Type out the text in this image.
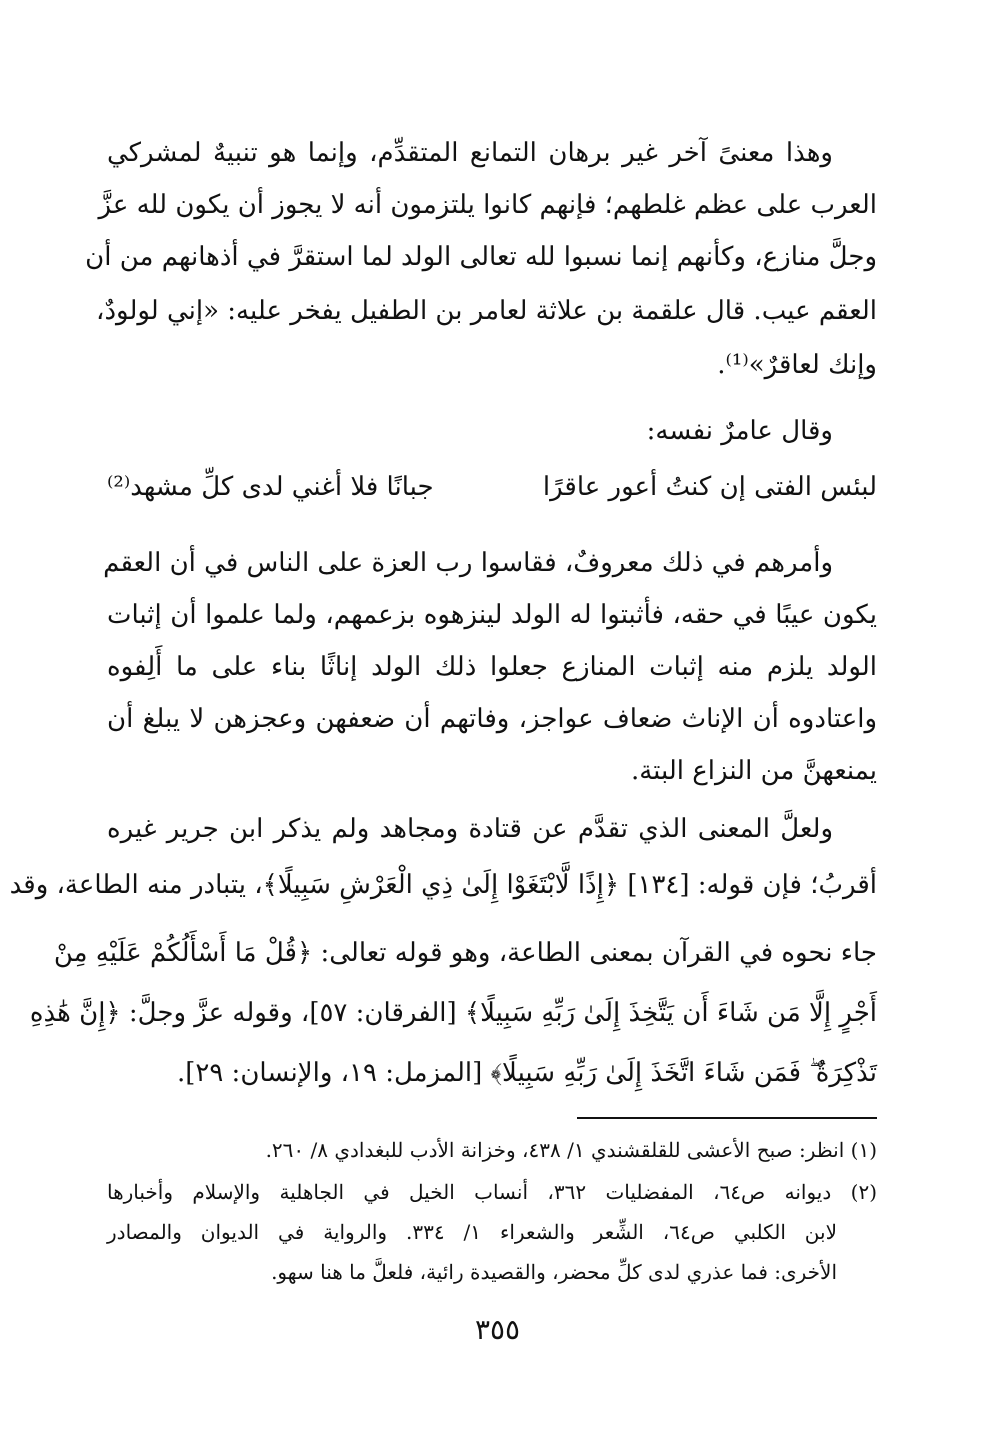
وهذا معنىً آخر غير برهان التمانع المتقدِّم، وإنما هو تنبيهٌ لمشركي
العرب على عظم غلطهم؛ فإنهم كانوا يلتزمون أنه لا يجوز أن يكون لله عزَّ
وجلَّ منازع، وكأنهم إنما نسبوا لله تعالى الولد لما استقرَّ في أذهانهم من أن
العقم عيب. قال علقمة بن علاثة لعامر بن الطفيل يفخر عليه: «إني لولودٌ،
وإنك لعاقرٌ»⁽¹⁾.
وقال عامرٌ نفسه:
لبئس الفتى إن كنتُ أعور عاقرًا
جبانًا فلا أغني لدى كلِّ مشهد⁽²⁾
وأمرهم في ذلك معروفٌ، فقاسوا رب العزة على الناس في أن العقم
يكون عيبًا في حقه، فأثبتوا له الولد لينزهوه بزعمهم، ولما علموا أن إثبات
الولد يلزم منه إثبات المنازع جعلوا ذلك الولد إناثًا بناء على ما أَلِفوه
واعتادوه أن الإناث ضعاف عواجز، وفاتهم أن ضعفهن وعجزهن لا يبلغ أن
يمنعهنَّ من النزاع البتة.
ولعلَّ المعنى الذي تقدَّم عن قتادة ومجاهد ولم يذكر ابن جرير غيره
أقربُ؛ فإن قوله: [١٣٤] ﴿إِذًا لَّابْتَغَوْا إِلَىٰ ذِي الْعَرْشِ سَبِيلًا﴾، يتبادر منه الطاعة، وقد
جاء نحوه في القرآن بمعنى الطاعة، وهو قوله تعالى: ﴿قُلْ مَا أَسْأَلُكُمْ عَلَيْهِ مِنْ
أَجْرٍ إِلَّا مَن شَاءَ أَن يَتَّخِذَ إِلَىٰ رَبِّهِ سَبِيلًا﴾ [الفرقان: ٥٧]، وقوله عزَّ وجلَّ: ﴿إِنَّ هَٰذِهِ
تَذْكِرَةٌ ۖ فَمَن شَاءَ اتَّخَذَ إِلَىٰ رَبِّهِ سَبِيلًا﴾ [المزمل: ١٩، والإنسان: ٢٩].
(١) انظر: صبح الأعشى للقلقشندي ١/ ٤٣٨، وخزانة الأدب للبغدادي ٨/ ٢٦٠.
(٢) ديوانه ص٦٤، المفضليات ٣٦٢، أنساب الخيل في الجاهلية والإسلام وأخبارها
لابن الكلبي ص٦٤، الشِّعر والشعراء ١/ ٣٣٤. والرواية في الديوان والمصادر
الأخرى: فما عذري لدى كلِّ محضر، والقصيدة رائية، فلعلَّ ما هنا سهو.
٣٥٥
